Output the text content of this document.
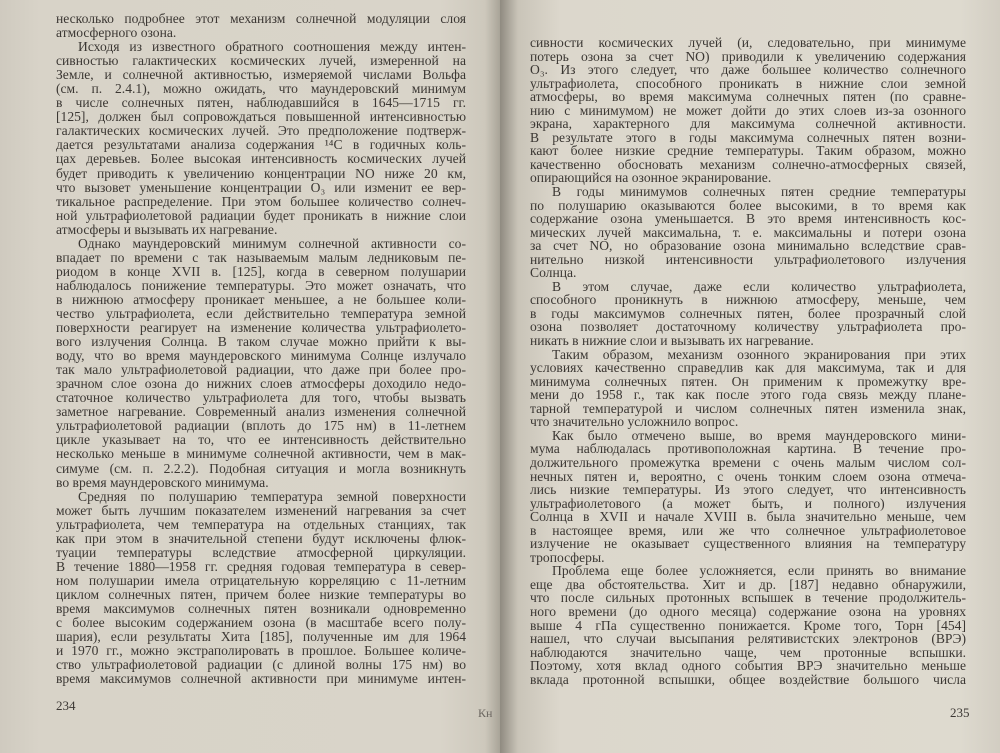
несколько подробнее этот механизм солнечной модуляции слоя
атмосферного озона.
Исходя из известного обратного соотношения между интен-
сивностью галактических космических лучей, измеренной на
Земле, и солнечной активностью, измеряемой числами Вольфа
(см. п. 2.4.1), можно ожидать, что маундеровский минимум
в числе солнечных пятен, наблюдавшийся в 1645—1715 гг.
[125], должен был сопровождаться повышенной интенсивностью
галактических космических лучей. Это предположение подтверж-
дается результатами анализа содержания ¹⁴C в годичных коль-
цах деревьев. Более высокая интенсивность космических лучей
будет приводить к увеличению концентрации NO ниже 20 км,
что вызовет уменьшение концентрации O₃ или изменит ее вер-
тикальное распределение. При этом большее количество солнеч-
ной ультрафиолетовой радиации будет проникать в нижние слои
атмосферы и вызывать их нагревание.
Однако маундеровский минимум солнечной активности со-
впадает по времени с так называемым малым ледниковым пе-
риодом в конце XVII в. [125], когда в северном полушарии
наблюдалось понижение температуры. Это может означать, что
в нижнюю атмосферу проникает меньшее, а не большее коли-
чество ультрафиолета, если действительно температура земной
поверхности реагирует на изменение количества ультрафиолето-
вого излучения Солнца. В таком случае можно прийти к вы-
воду, что во время маундеровского минимума Солнце излучало
так мало ультрафиолетовой радиации, что даже при более про-
зрачном слое озона до нижних слоев атмосферы доходило недо-
статочное количество ультрафиолета для того, чтобы вызвать
заметное нагревание. Современный анализ изменения солнечной
ультрафиолетовой радиации (вплоть до 175 нм) в 11-летнем
цикле указывает на то, что ее интенсивность действительно
несколько меньше в минимуме солнечной активности, чем в мак-
симуме (см. п. 2.2.2). Подобная ситуация и могла возникнуть
во время маундеровского минимума.
Средняя по полушарию температура земной поверхности
может быть лучшим показателем изменений нагревания за счет
ультрафиолета, чем температура на отдельных станциях, так
как при этом в значительной степени будут исключены флюк-
туации температуры вследствие атмосферной циркуляции.
В течение 1880—1958 гг. средняя годовая температура в север-
ном полушарии имела отрицательную корреляцию с 11-летним
циклом солнечных пятен, причем более низкие температуры во
время максимумов солнечных пятен возникали одновременно
с более высоким содержанием озона (в масштабе всего полу-
шария), если результаты Хита [185], полученные им для 1964
и 1970 гг., можно экстраполировать в прошлое. Большее количе-
ство ультрафиолетовой радиации (с длиной волны 175 нм) во
время максимумов солнечной активности при минимуме интен-
234
сивности космических лучей (и, следовательно, при минимуме
потерь озона за счет NO) приводили к увеличению содержания
O₃. Из этого следует, что даже большее количество солнечного
ультрафиолета, способного проникать в нижние слои земной
атмосферы, во время максимума солнечных пятен (по сравне-
нию с минимумом) не может дойти до этих слоев из-за озонного
экрана, характерного для максимума солнечной активности.
В результате этого в годы максимума солнечных пятен возни-
кают более низкие средние температуры. Таким образом, можно
качественно обосновать механизм солнечно-атмосферных связей,
опирающийся на озонное экранирование.
В годы минимумов солнечных пятен средние температуры
по полушарию оказываются более высокими, в то время как
содержание озона уменьшается. В это время интенсивность кос-
мических лучей максимальна, т. е. максимальны и потери озона
за счет NO, но образование озона минимально вследствие срав-
нительно низкой интенсивности ультрафиолетового излучения
Солнца.
В этом случае, даже если количество ультрафиолета,
способного проникнуть в нижнюю атмосферу, меньше, чем
в годы максимумов солнечных пятен, более прозрачный слой
озона позволяет достаточному количеству ультрафиолета про-
никать в нижние слои и вызывать их нагревание.
Таким образом, механизм озонного экранирования при этих
условиях качественно справедлив как для максимума, так и для
минимума солнечных пятен. Он применим к промежутку вре-
мени до 1958 г., так как после этого года связь между плане-
тарной температурой и числом солнечных пятен изменила знак,
что значительно усложнило вопрос.
Как было отмечено выше, во время маундеровского мини-
мума наблюдалась противоположная картина. В течение про-
должительного промежутка времени с очень малым числом сол-
нечных пятен и, вероятно, с очень тонким слоем озона отмеча-
лись низкие температуры. Из этого следует, что интенсивность
ультрафиолетового (а может быть, и полного) излучения
Солнца в XVII и начале XVIII в. была значительно меньше, чем
в настоящее время, или же что солнечное ультрафиолетовое
излучение не оказывает существенного влияния на температуру
тропосферы.
Проблема еще более усложняется, если принять во внимание
еще два обстоятельства. Хит и др. [187] недавно обнаружили,
что после сильных протонных вспышек в течение продолжитель-
ного времени (до одного месяца) содержание озона на уровнях
выше 4 гПа существенно понижается. Кроме того, Торн [454]
нашел, что случаи высыпания релятивистских электронов (ВРЭ)
наблюдаются значительно чаще, чем протонные вспышки.
Поэтому, хотя вклад одного события ВРЭ значительно меньше
вклада протонной вспышки, общее воздействие большого числа
235
Кн
